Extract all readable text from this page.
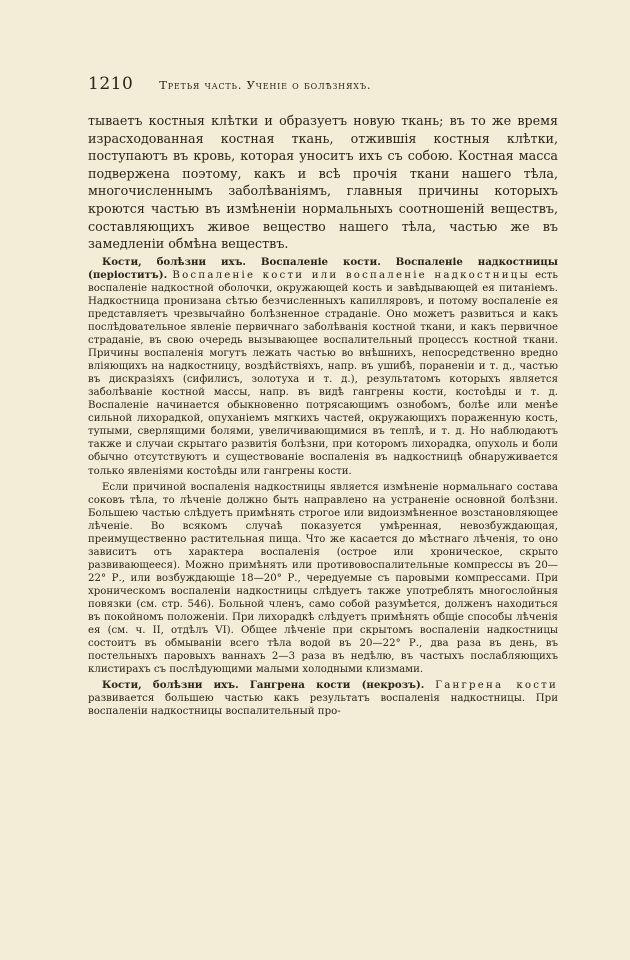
1210 Третья часть. Ученіе о болѣзняхъ.

тываетъ костныя клѣтки и образуетъ новую ткань; въ то же время израсходованная костная ткань, отжившія костныя клѣтки, поступаютъ въ кровь, которая уноситъ ихъ съ собою. Костная масса подвержена поэтому, какъ и всѣ прочія ткани нашего тѣла, многочисленнымъ заболѣваніямъ, главныя причины которыхъ кроются частью въ измѣненіи нормальныхъ соотношеній веществъ, составляющихъ живое вещество нашего тѣла, частью же въ замедленіи обмѣна веществъ.

Кости, болѣзни ихъ. Воспаленіе кости. Воспаленіе надкостницы (періоститъ). Воспаленіе кости или воспаленіе надкостницы есть воспаленіе надкостной оболочки, окружающей кость и завѣдывающей ея питаніемъ. Надкостница пронизана сѣтью безчисленныхъ капилляровъ, и потому воспаленіе ея представляетъ чрезвычайно болѣзненное страданіе. Оно можетъ развиться и какъ послѣдовательное явленіе первичнаго заболѣванія костной ткани, и какъ первичное страданіе, въ свою очередь вызывающее воспалительный процессъ костной ткани. Причины воспаленія могутъ лежать частью во внѣшнихъ, непосредственно вредно вліяющихъ на надкостницу, воздѣйствіяхъ, напр. въ ушибѣ, пораненіи и т. д., частью въ дискразіяхъ (сифилисъ, золотуха и т. д.), результатомъ которыхъ является заболѣваніе костной массы, напр. въ видѣ гангрены кости, костоѣды и т. д. Воспаленіе начинается обыкновенно потрясающимъ ознобомъ, болѣе или менѣе сильной лихорадкой, опуханіемъ мягкихъ частей, окружающихъ пораженную кость, тупыми, сверлящими болями, увеличивающимися въ теплѣ, и т. д. Но наблюдаютъ также и случаи скрытаго развитія болѣзни, при которомъ лихорадка, опухоль и боли обычно отсутствуютъ и существованіе воспаленія въ надкостницѣ обнаруживается только явленіями костоѣды или гангрены кости.

Если причиной воспаленія надкостницы является измѣненіе нормальнаго состава соковъ тѣла, то лѣченіе должно быть направлено на устраненіе основной болѣзни. Большею частью слѣдуетъ примѣнять строгое или видоизмѣненное возстановляющее лѣченіе. Во всякомъ случаѣ показуется умѣренная, невозбуждающая, преимущественно растительная пища. Что же касается до мѣстнаго лѣченія, то оно зависитъ отъ характера воспаленія (острое или хроническое, скрыто развивающееся). Можно примѣнять или противовоспалительные компрессы въ 20—22° Р., или возбуждающіе 18—20° Р., чередуемые съ паровыми компрессами. При хроническомъ воспаленіи надкостницы слѣдуетъ также употреблять многослойныя повязки (см. стр. 546). Больной членъ, само собой разумѣется, долженъ находиться въ покойномъ положеніи. При лихорадкѣ слѣдуетъ примѣнять общіе способы лѣченія ея (см. ч. II, отдѣлъ VI). Общее лѣченіе при скрытомъ воспаленіи надкостницы состоитъ въ обмываніи всего тѣла водой въ 20—22° Р., два раза въ день, въ постельныхъ паровыхъ ваннахъ 2—3 раза въ недѣлю, въ частыхъ послабляющихъ клистирахъ съ послѣдующими малыми холодными клизмами.

Кости, болѣзни ихъ. Гангрена кости (некрозъ). Гангрена кости развивается большею частью какъ результатъ воспаленія надкостницы. При воспаленіи надкостницы воспалительный про-
